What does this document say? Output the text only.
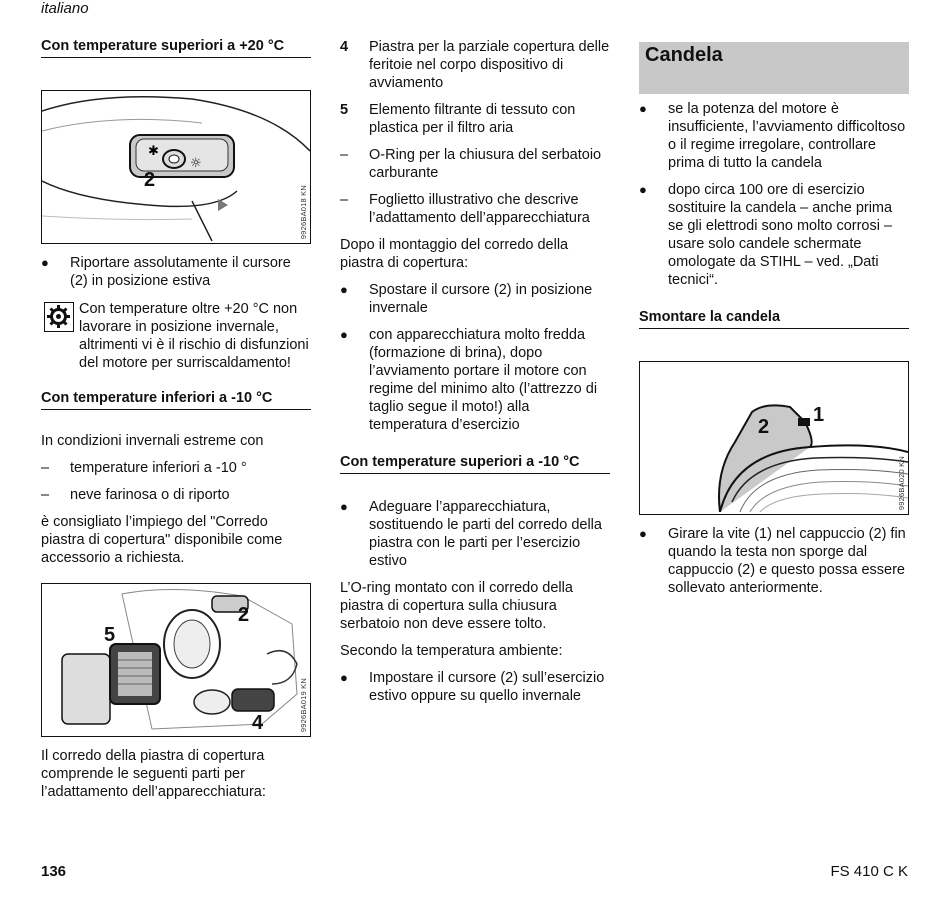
italiano
Con temperature superiori a +20 °C
✱
☼
2
9926BA018 KN
● Riportare assolutamente il cursore (2) in posizione estiva
Con temperature oltre +20 °C non lavorare in posizione invernale, altrimenti vi è il rischio di disfunzioni del motore per surriscaldamento!
Con temperature inferiori a -10 °C

In condizioni invernali estreme con

– temperature inferiori a -10 °
– neve farinosa o di riporto

è consigliato l’impiego del "Corredo piastra di copertura" disponibile come accessorio a richiesta.

5
2
4	9926BA019 KN

Il corredo della piastra di copertura comprende le seguenti parti per l’adattamento dell’apparecchiatura:

4 Piastra per la parziale copertura delle feritoie nel corpo dispositivo di avviamento
5 Elemento filtrante di tessuto con plastica per il filtro aria
– O-Ring per la chiusura del serbatoio carburante
– Foglietto illustrativo che descrive l’adattamento dell’apparecchiatura

Dopo il montaggio del corredo della piastra di copertura:

● Spostare il cursore (2) in posizione invernale
● con apparecchiatura molto fredda (formazione di brina), dopo l’avviamento portare il motore con regime del minimo alto (l’attrezzo di taglio segue il moto!) alla temperatura d’esercizio
Con temperature superiori a -10 °C
● Adeguare l’apparecchiatura, sostituendo le parti del corredo della piastra con le parti per l’esercizio estivo

L’O-ring montato con il corredo della piastra di copertura sulla chiusura serbatoio non deve essere tolto.

Secondo la temperatura ambiente:

● Impostare il cursore (2) sull’esercizio estivo oppure su quello invernale
Candela
● se la potenza del motore è insufficiente, l’avviamento difficoltoso o il regime irregolare, controllare prima di tutto la candela
● dopo circa 100 ore di esercizio sostituire la candela – anche prima se gli elettrodi sono molto corrosi – usare solo candele schermate omologate da STIHL – ved. „Dati tecnici“.
Smontare la candela
1
2
9926BA020 KN
● Girare la vite (1) nel cappuccio (2) fin quando la testa non sporge dal cappuccio (2) e questo possa essere sollevato anteriormente.
136	FS 410 C K
